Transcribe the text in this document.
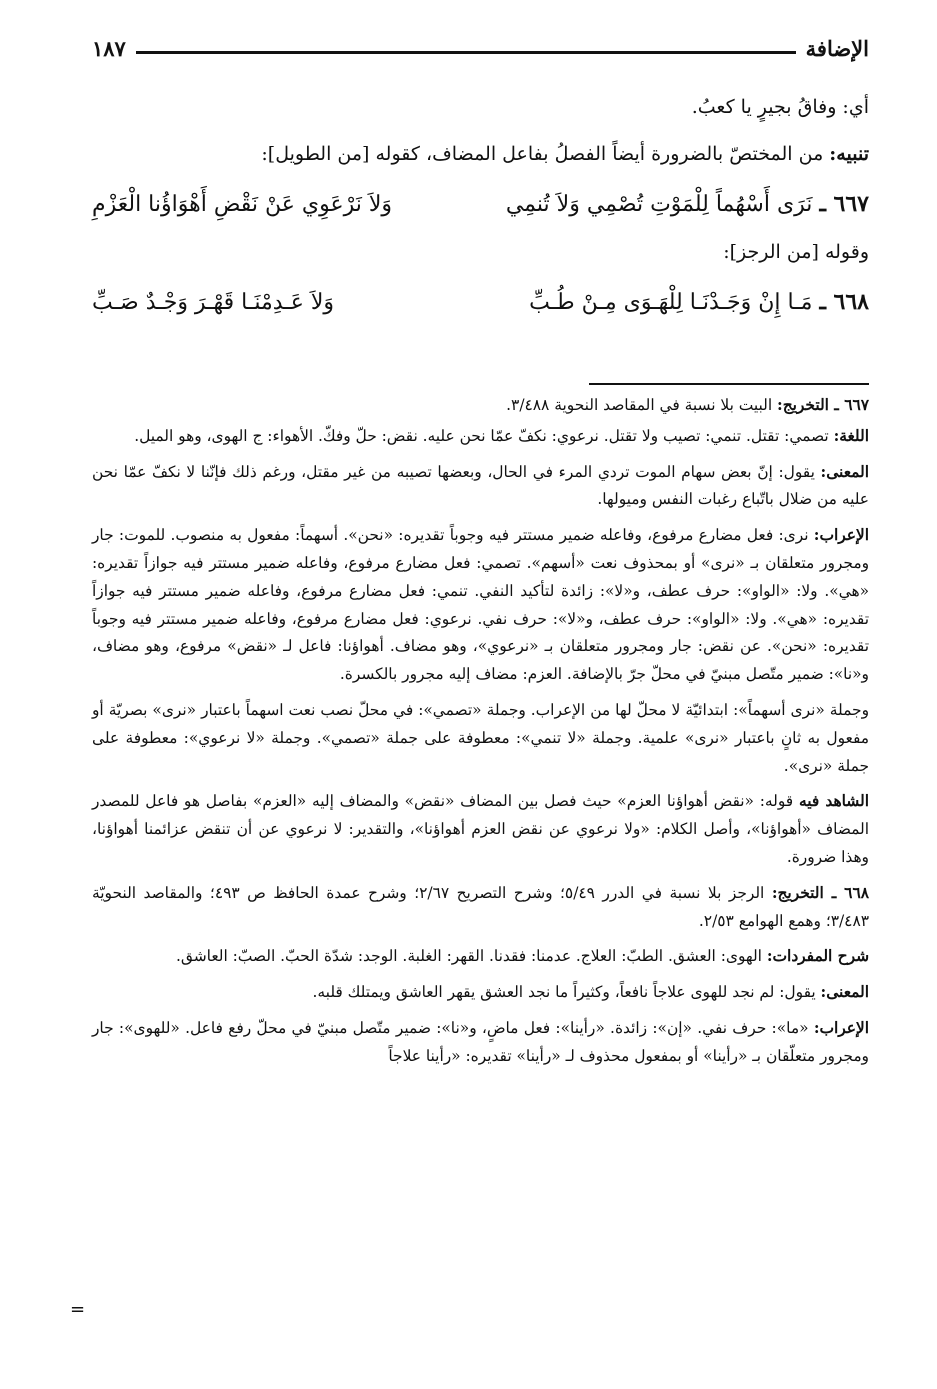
الإضافة
١٨٧

أي: وفاقُ بجيرٍ يا كعبُ.

تنبيه: من المختصّ بالضرورة أيضاً الفصلُ بفاعل المضاف، كقوله [من الطويل]:

٦٦٧ ـ نَرَى أَسْهُماً لِلْمَوْتِ تُصْمِي وَلاَ تُنمِي
وَلاَ نَرْعَوِي عَنْ نَقْضِ أَهْوَاؤُنا الْعَزْمِ

وقوله [من الرجز]:

٦٦٨ ـ مَـا إِنْ وَجَـدْنَـا لِلْهَـوَى مِـنْ طُـبِّ
وَلاَ عَـدِمْنَـا قَهْـرَ وَجْـدٌ صَـبِّ

٦٦٧ ـ التخريج: البيت بلا نسبة في المقاصد النحوية ٣/٤٨٨.

اللغة: تصمي: تقتل. تنمي: تصيب ولا تقتل. نرعوي: نكفّ عمّا نحن عليه. نقض: حلّ وفكّ. الأهواء: ج الهوى، وهو الميل.

المعنى: يقول: إنّ بعض سهام الموت تردي المرء في الحال، وبعضها تصيبه من غير مقتل، ورغم ذلك فإنّنا لا نكفّ عمّا نحن عليه من ضلال باتّباع رغبات النفس وميولها.

الإعراب: نرى: فعل مضارع مرفوع، وفاعله ضمير مستتر فيه وجوباً تقديره: «نحن». أسهماً: مفعول به منصوب. للموت: جار ومجرور متعلقان بـ «نرى» أو بمحذوف نعت «أسهم». تصمي: فعل مضارع مرفوع، وفاعله ضمير مستتر فيه جوازاً تقديره: «هي». ولا: «الواو»: حرف عطف، و«لا»: زائدة لتأكيد النفي. تنمي: فعل مضارع مرفوع، وفاعله ضمير مستتر فيه جوازاً تقديره: «هي». ولا: «الواو»: حرف عطف، و«لا»: حرف نفي. نرعوي: فعل مضارع مرفوع، وفاعله ضمير مستتر فيه وجوباً تقديره: «نحن». عن نقض: جار ومجرور متعلقان بـ «نرعوي»، وهو مضاف. أهواؤنا: فاعل لـ «نقض» مرفوع، وهو مضاف، و«نا»: ضمير متّصل مبنيّ في محلّ جرّ بالإضافة. العزم: مضاف إليه مجرور بالكسرة.

وجملة «نرى أسهماً»: ابتدائيّة لا محلّ لها من الإعراب. وجملة «تصمي»: في محلّ نصب نعت اسهماً باعتبار «نرى» بصريّة أو مفعول به ثانٍ باعتبار «نرى» علمية. وجملة «لا تنمي»: معطوفة على جملة «تصمي». وجملة «لا نرعوي»: معطوفة على جملة «نرى».

الشاهد فيه قوله: «نقض أهواؤنا العزم» حيث فصل بين المضاف «نقض» والمضاف إليه «العزم» بفاصل هو فاعل للمصدر المضاف «أهواؤنا»، وأصل الكلام: «ولا نرعوي عن نقض العزم أهواؤنا»، والتقدير: لا نرعوي عن أن تنقض عزائمنا أهواؤنا، وهذا ضرورة.

٦٦٨ ـ التخريج: الرجز بلا نسبة في الدرر ٥/٤٩؛ وشرح التصريح ٢/٦٧؛ وشرح عمدة الحافظ ص ٤٩٣؛ والمقاصد النحويّة ٣/٤٨٣؛ وهمع الهوامع ٢/٥٣.

شرح المفردات: الهوى: العشق. الطبّ: العلاج. عدمنا: فقدنا. القهر: الغلبة. الوجد: شدّة الحبّ. الصبّ: العاشق.

المعنى: يقول: لم نجد للهوى علاجاً نافعاً، وكثيراً ما نجد العشق يقهر العاشق ويمتلك قلبه.

الإعراب: «ما»: حرف نفي. «إن»: زائدة. «رأينا»: فعل ماضٍ، و«نا»: ضمير متّصل مبنيّ في محلّ رفع فاعل. «للهوى»: جار ومجرور متعلّقان بـ «رأينا» أو بمفعول محذوف لـ «رأينا» تقديره: «رأينا علاجاً

=
